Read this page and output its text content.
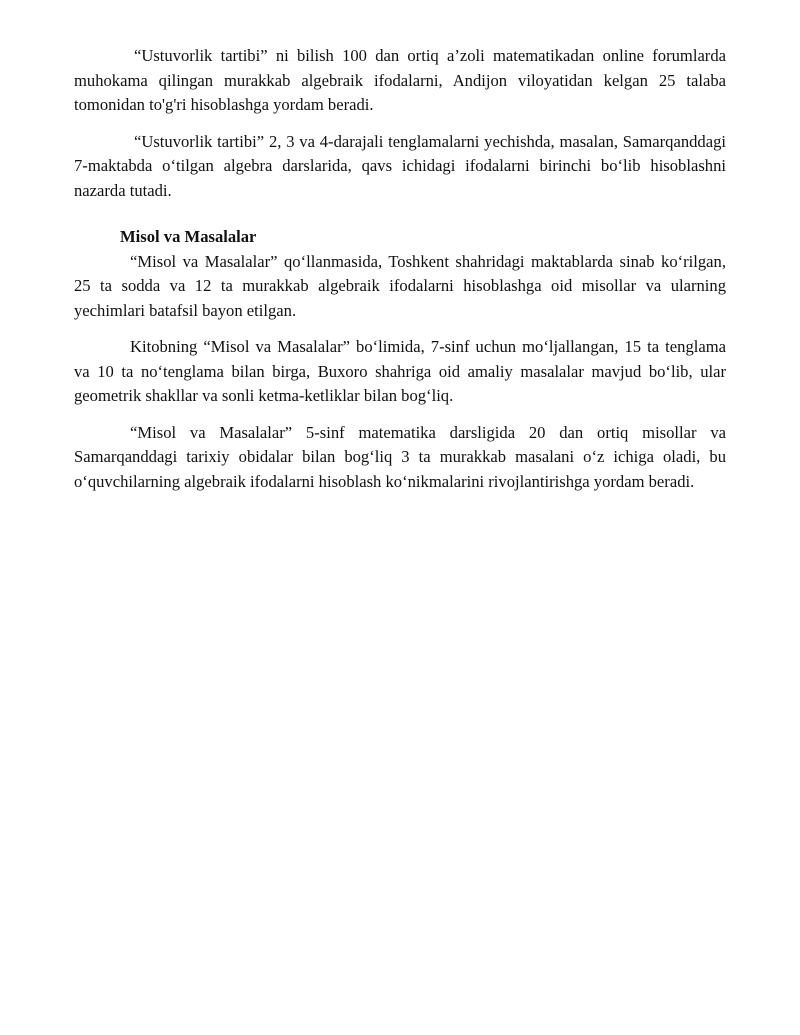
“Ustuvorlik tartibi” ni bilish 100 dan ortiq a’zoli matematikadan online forumlarda muhokama qilingan murakkab algebraik ifodalarni, Andijon viloyatidan kelgan 25 talaba tomonidan to'g'ri hisoblashga yordam beradi.

“Ustuvorlik tartibi” 2, 3 va 4-darajali tenglamalarni yechishda, masalan, Samarqanddagi 7-maktabda o‘tilgan algebra darslarida, qavs ichidagi ifodalarni birinchi bo‘lib hisoblashni nazarda tutadi.

Misol va Masalalar

“Misol va Masalalar” qo‘llanmasida, Toshkent shahridagi maktablarda sinab ko‘rilgan, 25 ta sodda va 12 ta murakkab algebraik ifodalarni hisoblashga oid misollar va ularning yechimlari batafsil bayon etilgan.

Kitobning “Misol va Masalalar” bo‘limida, 7-sinf uchun mo‘ljallangan, 15 ta tenglama va 10 ta no‘tenglama bilan birga, Buxoro shahriga oid amaliy masalalar mavjud bo‘lib, ular geometrik shakllar va sonli ketma-ketliklar bilan bog‘liq.

“Misol va Masalalar” 5-sinf matematika darsligida 20 dan ortiq misollar va Samarqanddagi tarixiy obidalar bilan bog‘liq 3 ta murakkab masalani o‘z ichiga oladi, bu o‘quvchilarning algebraik ifodalarni hisoblash ko‘nikmalarini rivojlantirishga yordam beradi.
